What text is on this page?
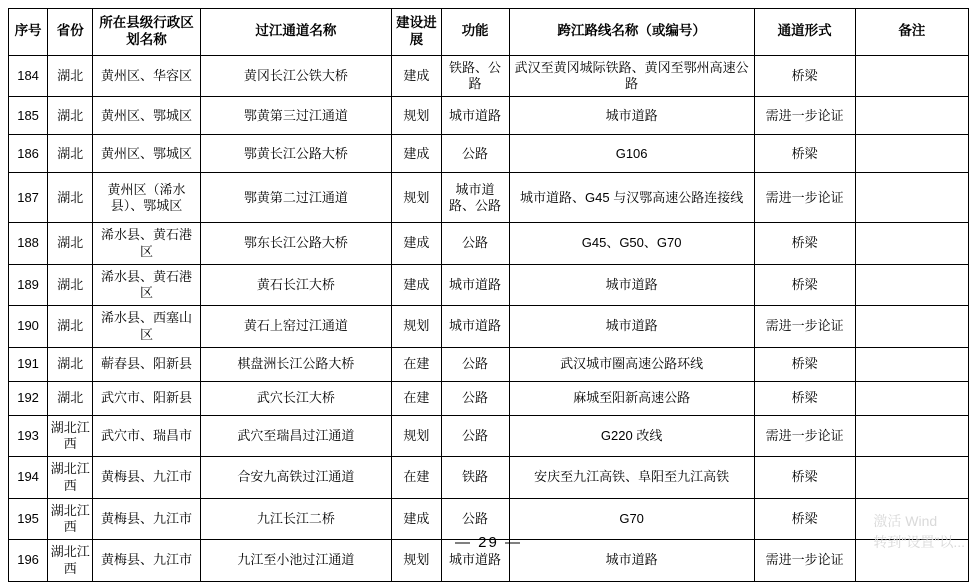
序号	省份	所在县级行政区划名称	过江通道名称	建设进展	功能	跨江路线名称（或编号）	通道形式	备注
184	湖北	黄州区、华容区	黄冈长江公铁大桥	建成	铁路、公路	武汉至黄冈城际铁路、黄冈至鄂州高速公路	桥梁	
185	湖北	黄州区、鄂城区	鄂黄第三过江通道	规划	城市道路	城市道路	需进一步论证	
186	湖北	黄州区、鄂城区	鄂黄长江公路大桥	建成	公路	G106	桥梁	
187	湖北	黄州区（浠水县）、鄂城区	鄂黄第二过江通道	规划	城市道路、公路	城市道路、G45 与汉鄂高速公路连接线	需进一步论证	
188	湖北	浠水县、黄石港区	鄂东长江公路大桥	建成	公路	G45、G50、G70	桥梁	
189	湖北	浠水县、黄石港区	黄石长江大桥	建成	城市道路	城市道路	桥梁	
190	湖北	浠水县、西塞山区	黄石上窑过江通道	规划	城市道路	城市道路	需进一步论证	
191	湖北	蕲春县、阳新县	棋盘洲长江公路大桥	在建	公路	武汉城市圈高速公路环线	桥梁	
192	湖北	武穴市、阳新县	武穴长江大桥	在建	公路	麻城至阳新高速公路	桥梁	
193	湖北江西	武穴市、瑞昌市	武穴至瑞昌过江通道	规划	公路	G220 改线	需进一步论证	
194	湖北江西	黄梅县、九江市	合安九高铁过江通道	在建	铁路	安庆至九江高铁、阜阳至九江高铁	桥梁	
195	湖北江西	黄梅县、九江市	九江长江二桥	建成	公路	G70	桥梁	
196	湖北江西	黄梅县、九江市	九江至小池过江通道	规划	城市道路	城市道路	需进一步论证	
— 29 —
激活 Wind
转到"设置"以...
